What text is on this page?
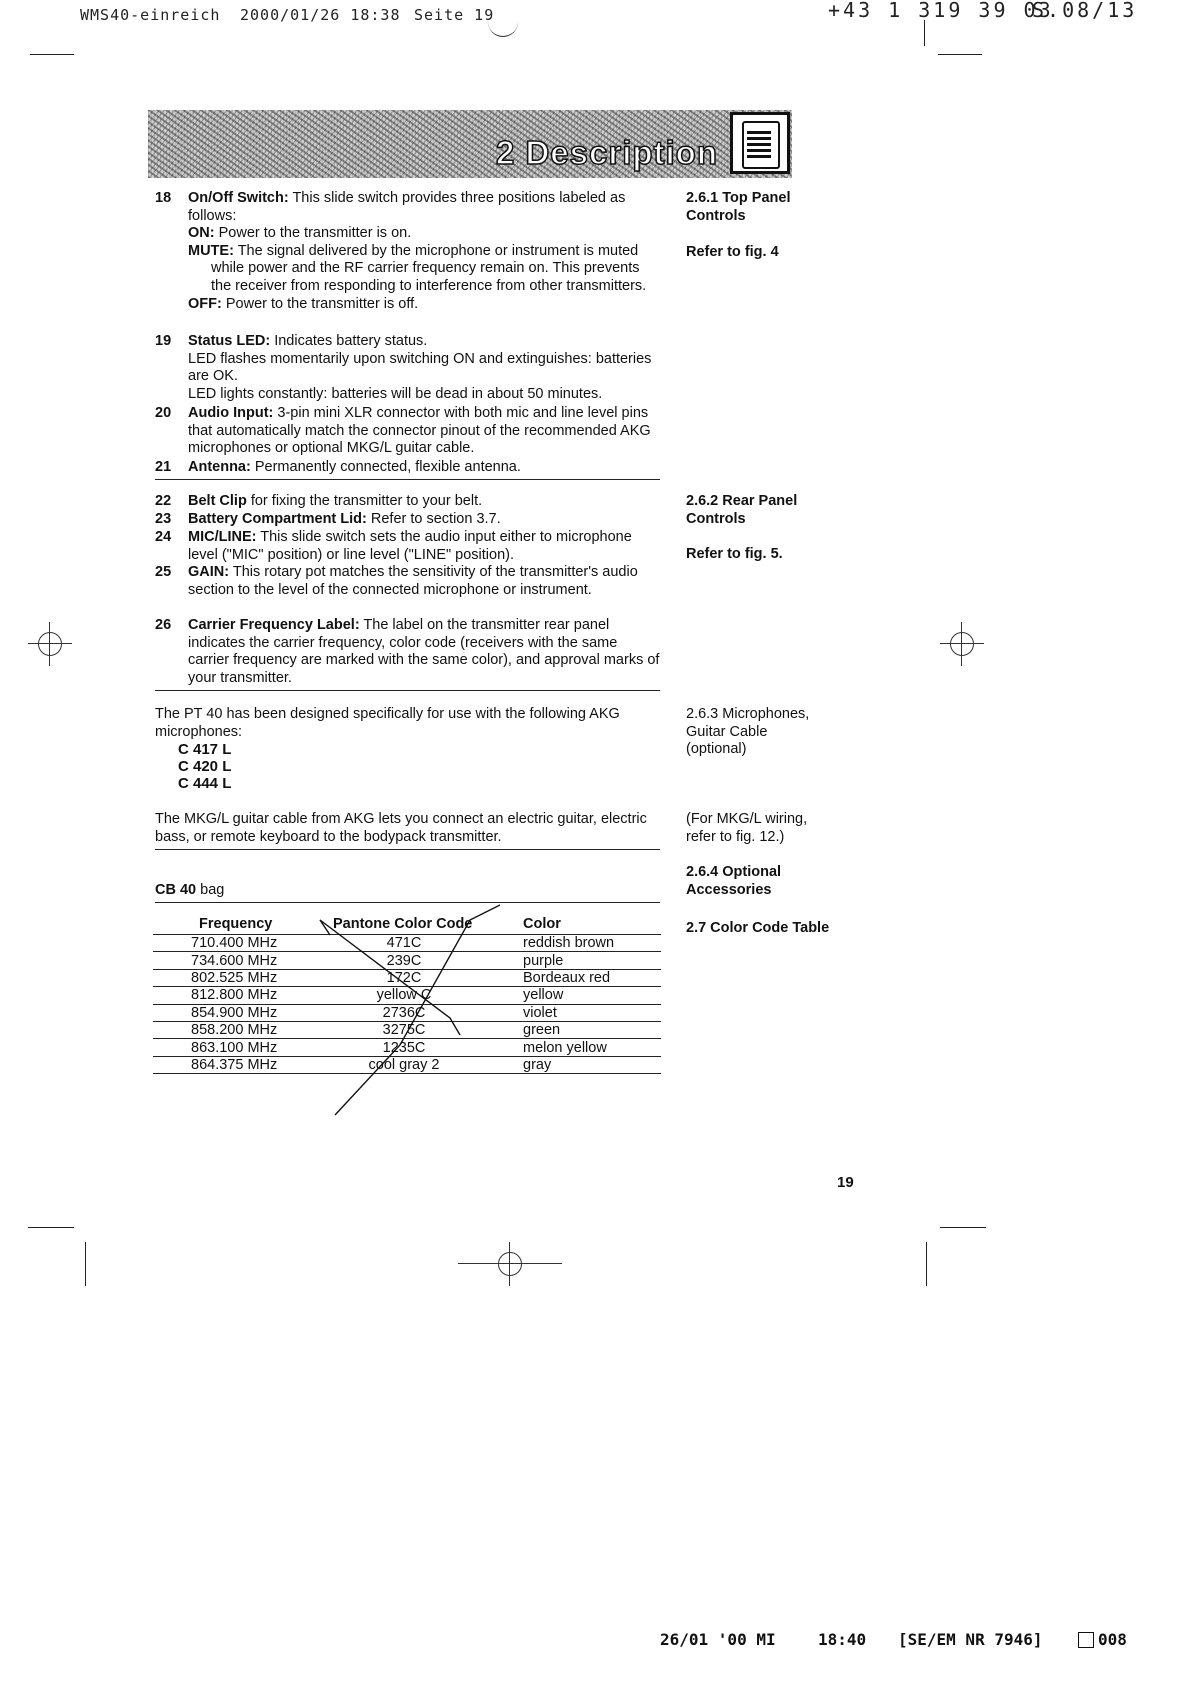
WMS40-einreich 2000/01/26 18:38 Seite 19	+43 1 319 39 03
S.08/13
2 Description
18 On/Off Switch: This slide switch provides three positions labeled as follows:
ON: Power to the transmitter is on.
MUTE: The signal delivered by the microphone or instrument is muted while power and the RF carrier frequency remain on. This prevents the receiver from responding to interference from other transmitters.
OFF: Power to the transmitter is off.
19 Status LED: Indicates battery status.
LED flashes momentarily upon switching ON and extinguishes: batteries are OK.
LED lights constantly: batteries will be dead in about 50 minutes.
20 Audio Input: 3-pin mini XLR connector with both mic and line level pins that automatically match the connector pinout of the recommended AKG microphones or optional MKG/L guitar cable.
21 Antenna: Permanently connected, flexible antenna.
2.6.1 Top Panel Controls
Refer to fig. 4
22 Belt Clip for fixing the transmitter to your belt.
23 Battery Compartment Lid: Refer to section 3.7.
24 MIC/LINE: This slide switch sets the audio input either to microphone level ("MIC" position) or line level ("LINE" position).
25 GAIN: This rotary pot matches the sensitivity of the transmitter's audio section to the level of the connected microphone or instrument.
26 Carrier Frequency Label: The label on the transmitter rear panel indicates the carrier frequency, color code (receivers with the same carrier frequency are marked with the same color), and approval marks of your transmitter.
2.6.2 Rear Panel Controls
Refer to fig. 5.
The PT 40 has been designed specifically for use with the following AKG microphones:
C 417 L
C 420 L
C 444 L
The MKG/L guitar cable from AKG lets you connect an electric guitar, electric bass, or remote keyboard to the bodypack transmitter.
2.6.3 Microphones, Guitar Cable (optional)
(For MKG/L wiring, refer to fig. 12.)
CB 40 bag
2.6.4 Optional Accessories
2.7 Color Code Table
Frequency	Pantone Color Code	Color
710.400 MHz	471C	reddish brown
734.600 MHz	239C	purple
802.525 MHz	172C	Bordeaux red
812.800 MHz	yellow C	yellow
854.900 MHz	2736C	violet
858.200 MHz	3275C	green
863.100 MHz	1235C	melon yellow
864.375 MHz	cool gray 2	gray
19
26/01 '00 MI	18:40 [SE/EM NR 7946]	008
